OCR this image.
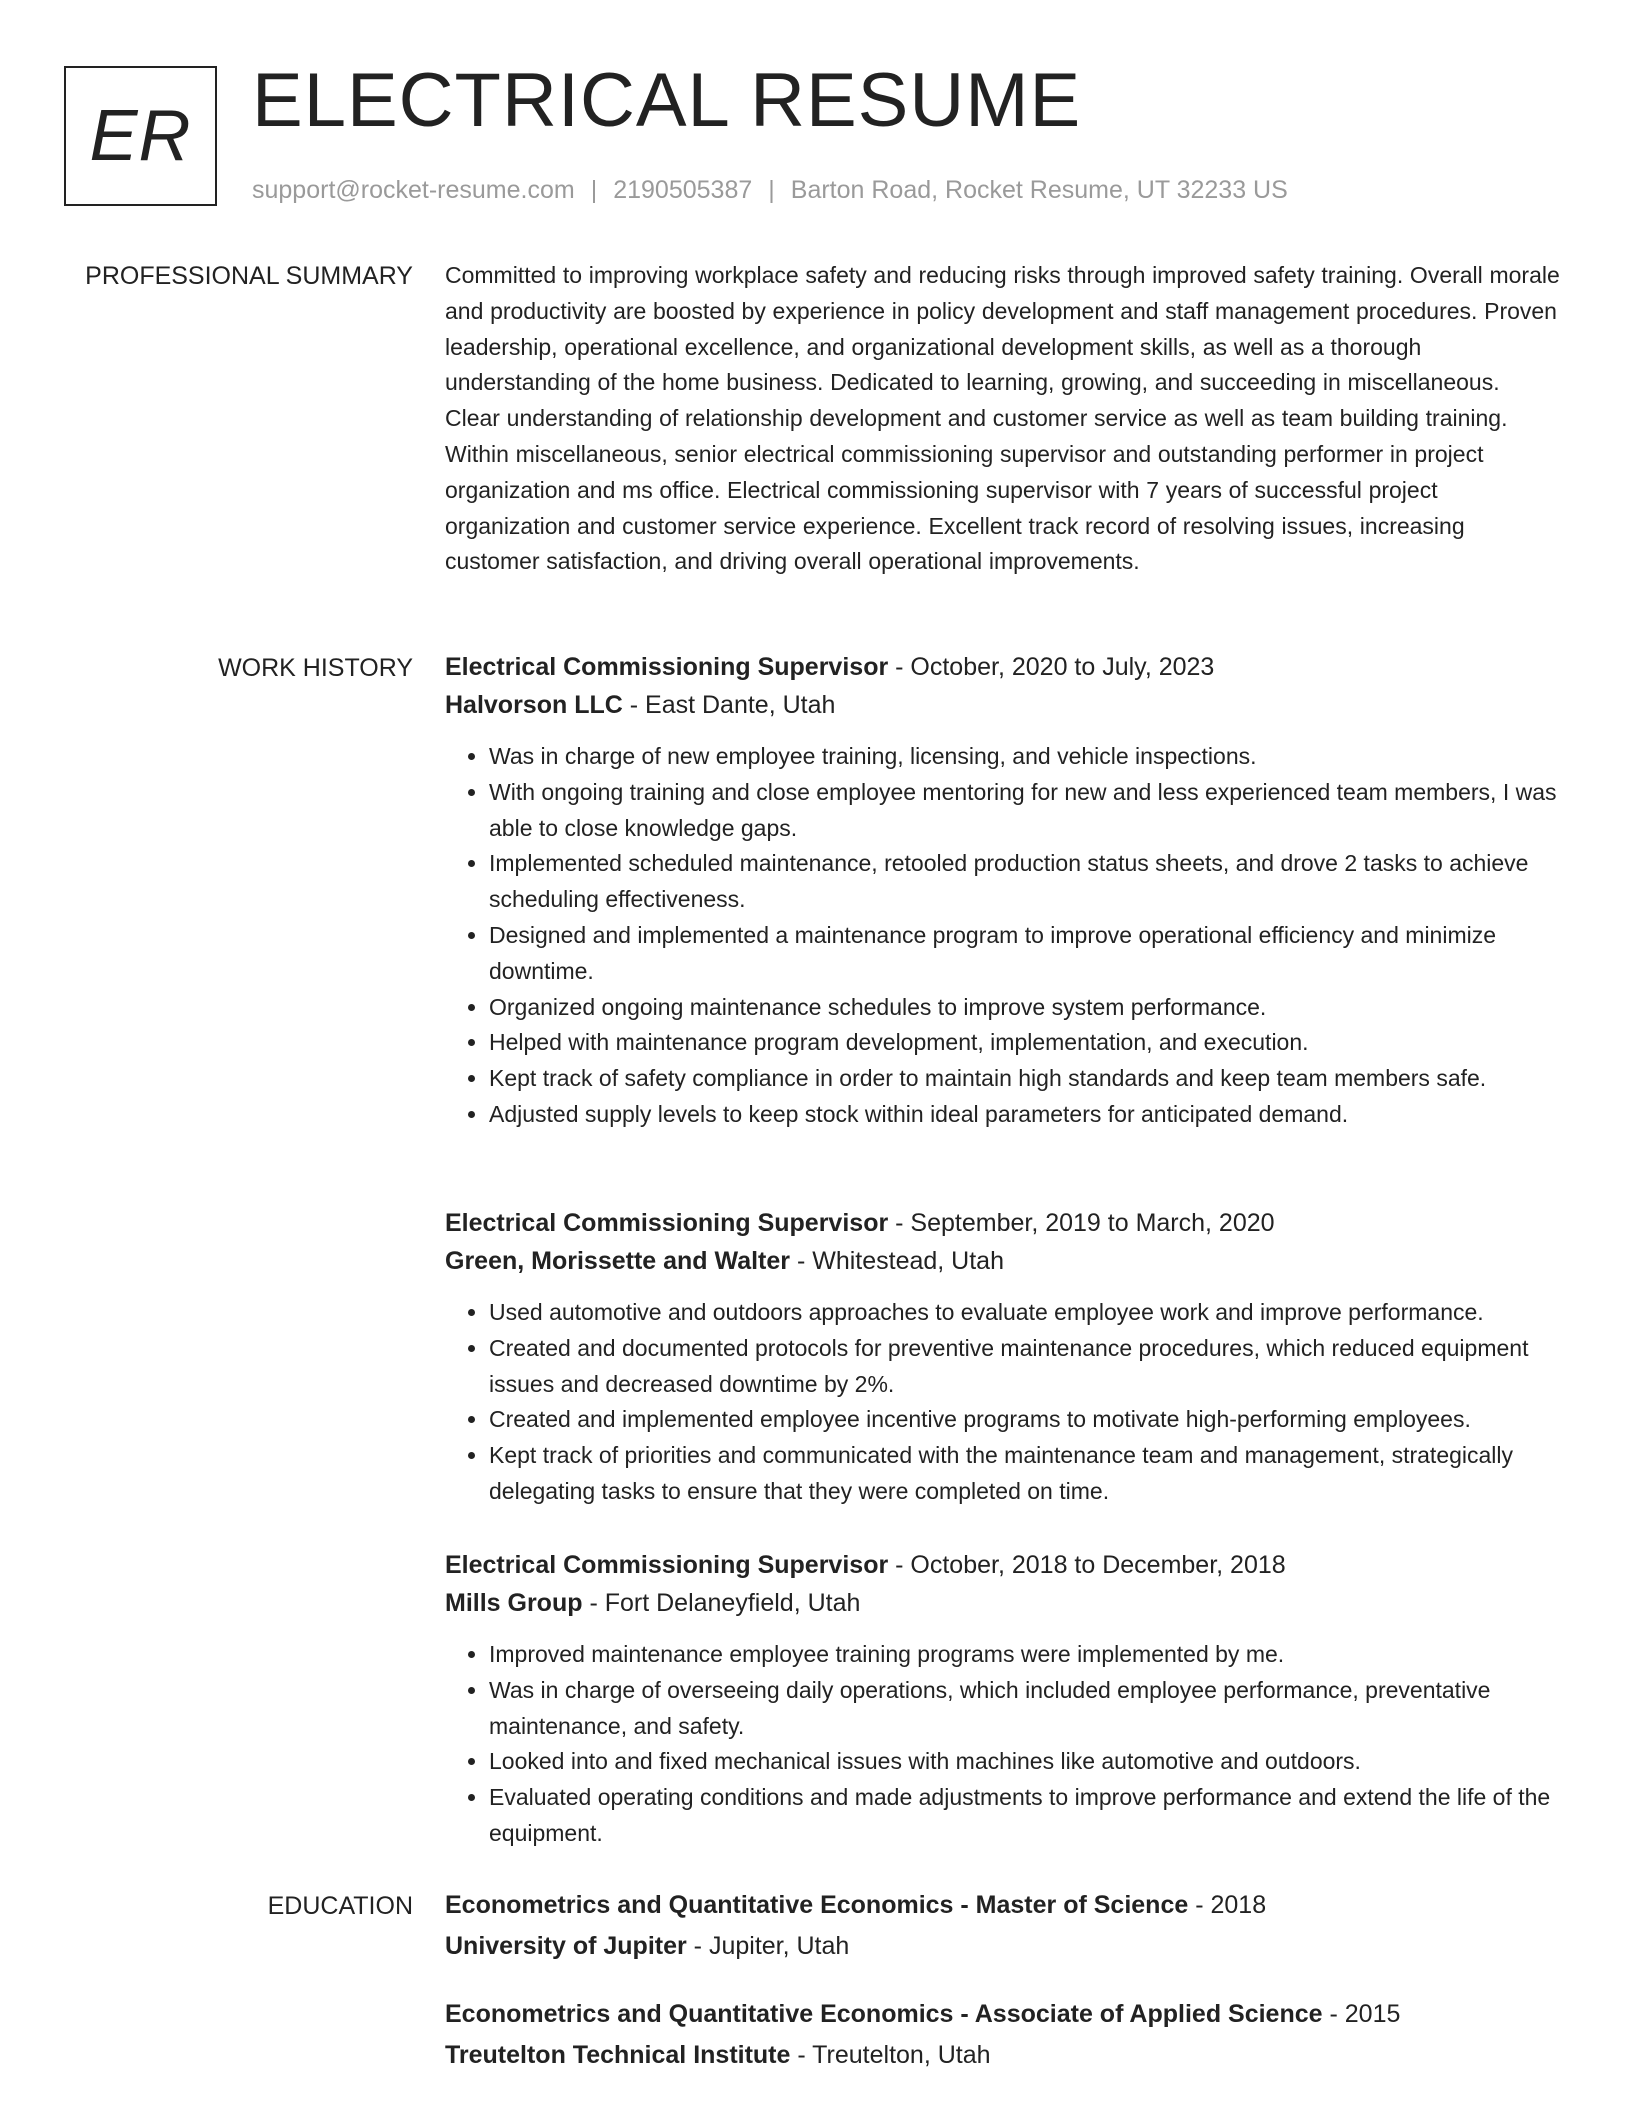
ER ELECTRICAL RESUME
support@rocket-resume.com | 2190505387 | Barton Road, Rocket Resume, UT 32233 US
PROFESSIONAL SUMMARY Committed to improving workplace safety and reducing risks through improved safety training. Overall morale and productivity are boosted by experience in policy development and staff management procedures. Proven leadership, operational excellence, and organizational development skills, as well as a thorough understanding of the home business. Dedicated to learning, growing, and succeeding in miscellaneous. Clear understanding of relationship development and customer service as well as team building training. Within miscellaneous, senior electrical commissioning supervisor and outstanding performer in project organization and ms office. Electrical commissioning supervisor with 7 years of successful project organization and customer service experience. Excellent track record of resolving issues, increasing customer satisfaction, and driving overall operational improvements.

WORK HISTORY Electrical Commissioning Supervisor - October, 2020 to July, 2023
Halvorson LLC - East Dante, Utah
• Was in charge of new employee training, licensing, and vehicle inspections.
• With ongoing training and close employee mentoring for new and less experienced team members, I was able to close knowledge gaps.
• Implemented scheduled maintenance, retooled production status sheets, and drove 2 tasks to achieve scheduling effectiveness.
• Designed and implemented a maintenance program to improve operational efficiency and minimize downtime.
• Organized ongoing maintenance schedules to improve system performance.
• Helped with maintenance program development, implementation, and execution.
• Kept track of safety compliance in order to maintain high standards and keep team members safe.
• Adjusted supply levels to keep stock within ideal parameters for anticipated demand.
Electrical Commissioning Supervisor - September, 2019 to March, 2020
Green, Morissette and Walter - Whitestead, Utah
• Used automotive and outdoors approaches to evaluate employee work and improve performance.
• Created and documented protocols for preventive maintenance procedures, which reduced equipment issues and decreased downtime by 2%.
• Created and implemented employee incentive programs to motivate high-performing employees.
• Kept track of priorities and communicated with the maintenance team and management, strategically delegating tasks to ensure that they were completed on time.
Electrical Commissioning Supervisor - October, 2018 to December, 2018
Mills Group - Fort Delaneyfield, Utah
• Improved maintenance employee training programs were implemented by me.
• Was in charge of overseeing daily operations, which included employee performance, preventative maintenance, and safety.
• Looked into and fixed mechanical issues with machines like automotive and outdoors.
• Evaluated operating conditions and made adjustments to improve performance and extend the life of the equipment.
EDUCATION Econometrics and Quantitative Economics - Master of Science - 2018
University of Jupiter - Jupiter, Utah
Econometrics and Quantitative Economics - Associate of Applied Science - 2015
Treutelton Technical Institute - Treutelton, Utah
